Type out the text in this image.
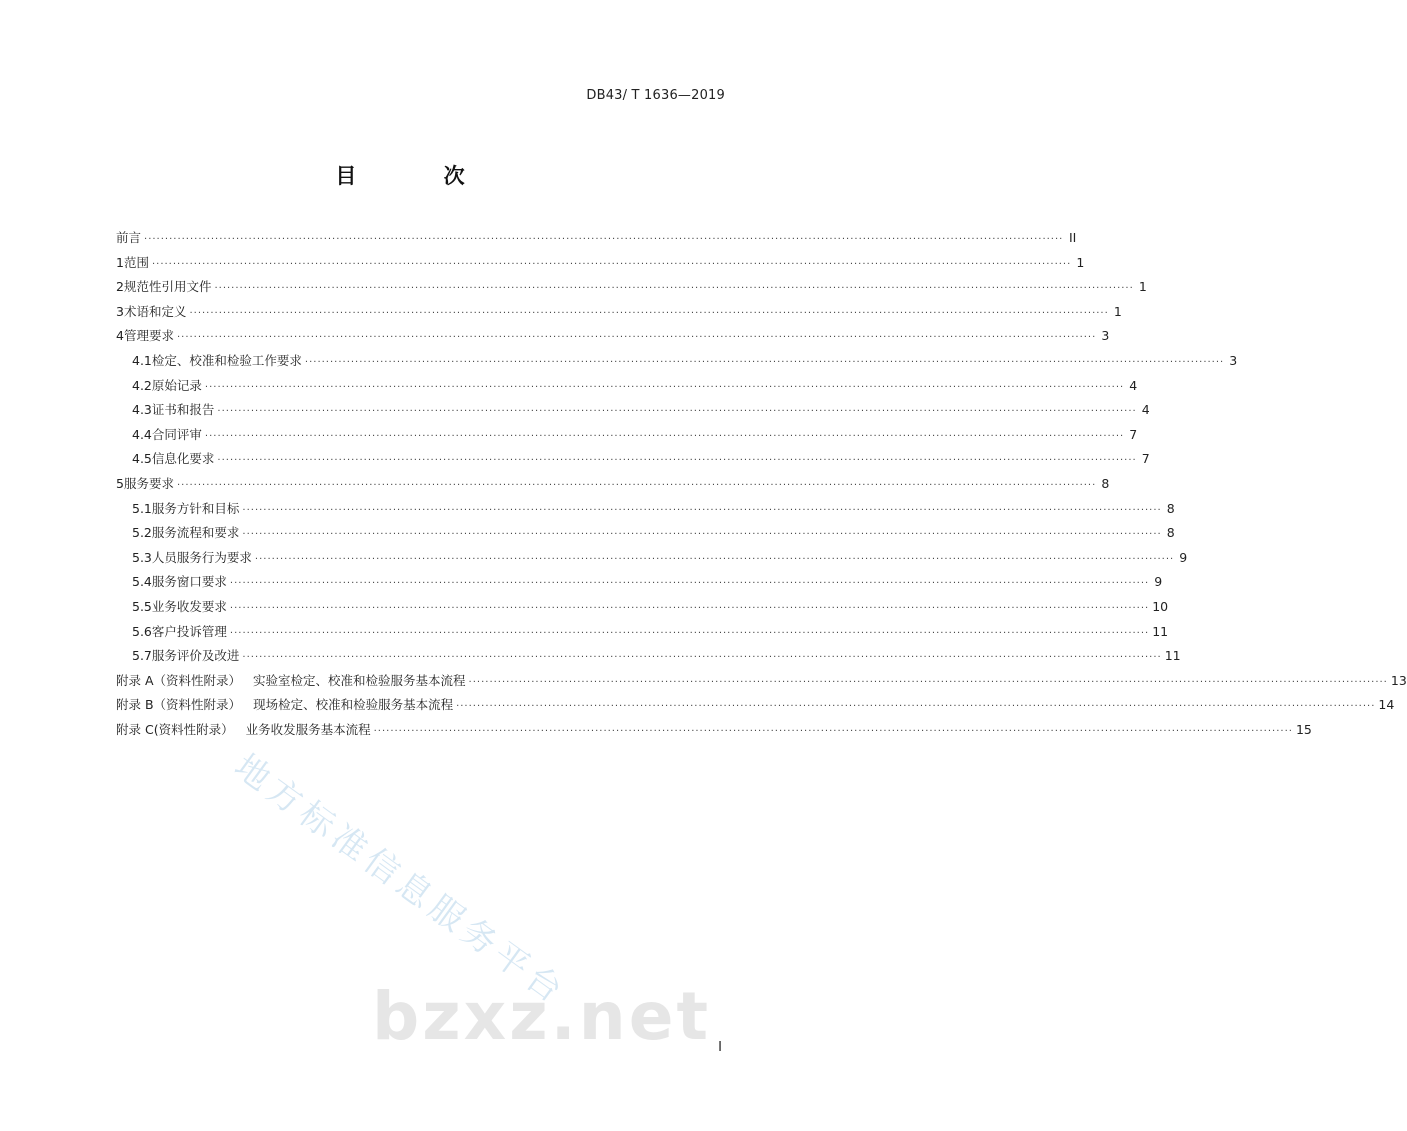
DB43/ T 1636—2019
目 次
前言 ···························································································································································································································· II
1 范围 ···························································································································································································································· 1
2 规范性引用文件 ···························································································································································································································· 1
3 术语和定义 ···························································································································································································································· 1
4 管理要求 ···························································································································································································································· 3
4.1 检定、校准和检验工作要求 ···························································································································································································································· 3
4.2 原始记录 ···························································································································································································································· 4
4.3 证书和报告 ···························································································································································································································· 4
4.4 合同评审 ···························································································································································································································· 7
4.5 信息化要求 ···························································································································································································································· 7
5 服务要求 ···························································································································································································································· 8
5.1 服务方针和目标 ···························································································································································································································· 8
5.2 服务流程和要求 ···························································································································································································································· 8
5.3 人员服务行为要求 ···························································································································································································································· 9
5.4 服务窗口要求 ···························································································································································································································· 9
5.5 业务收发要求 ···························································································································································································································· 10
5.6 客户投诉管理 ···························································································································································································································· 11
5.7 服务评价及改进 ···························································································································································································································· 11
附录 A（资料性附录） 实验室检定、校准和检验服务基本流程 ···························································································································································································································· 13
附录 B（资料性附录） 现场检定、校准和检验服务基本流程 ···························································································································································································································· 14
附录 C(资料性附录） 业务收发服务基本流程 ···························································································································································································································· 15
地方标准信息服务平台
bzxz.net I
